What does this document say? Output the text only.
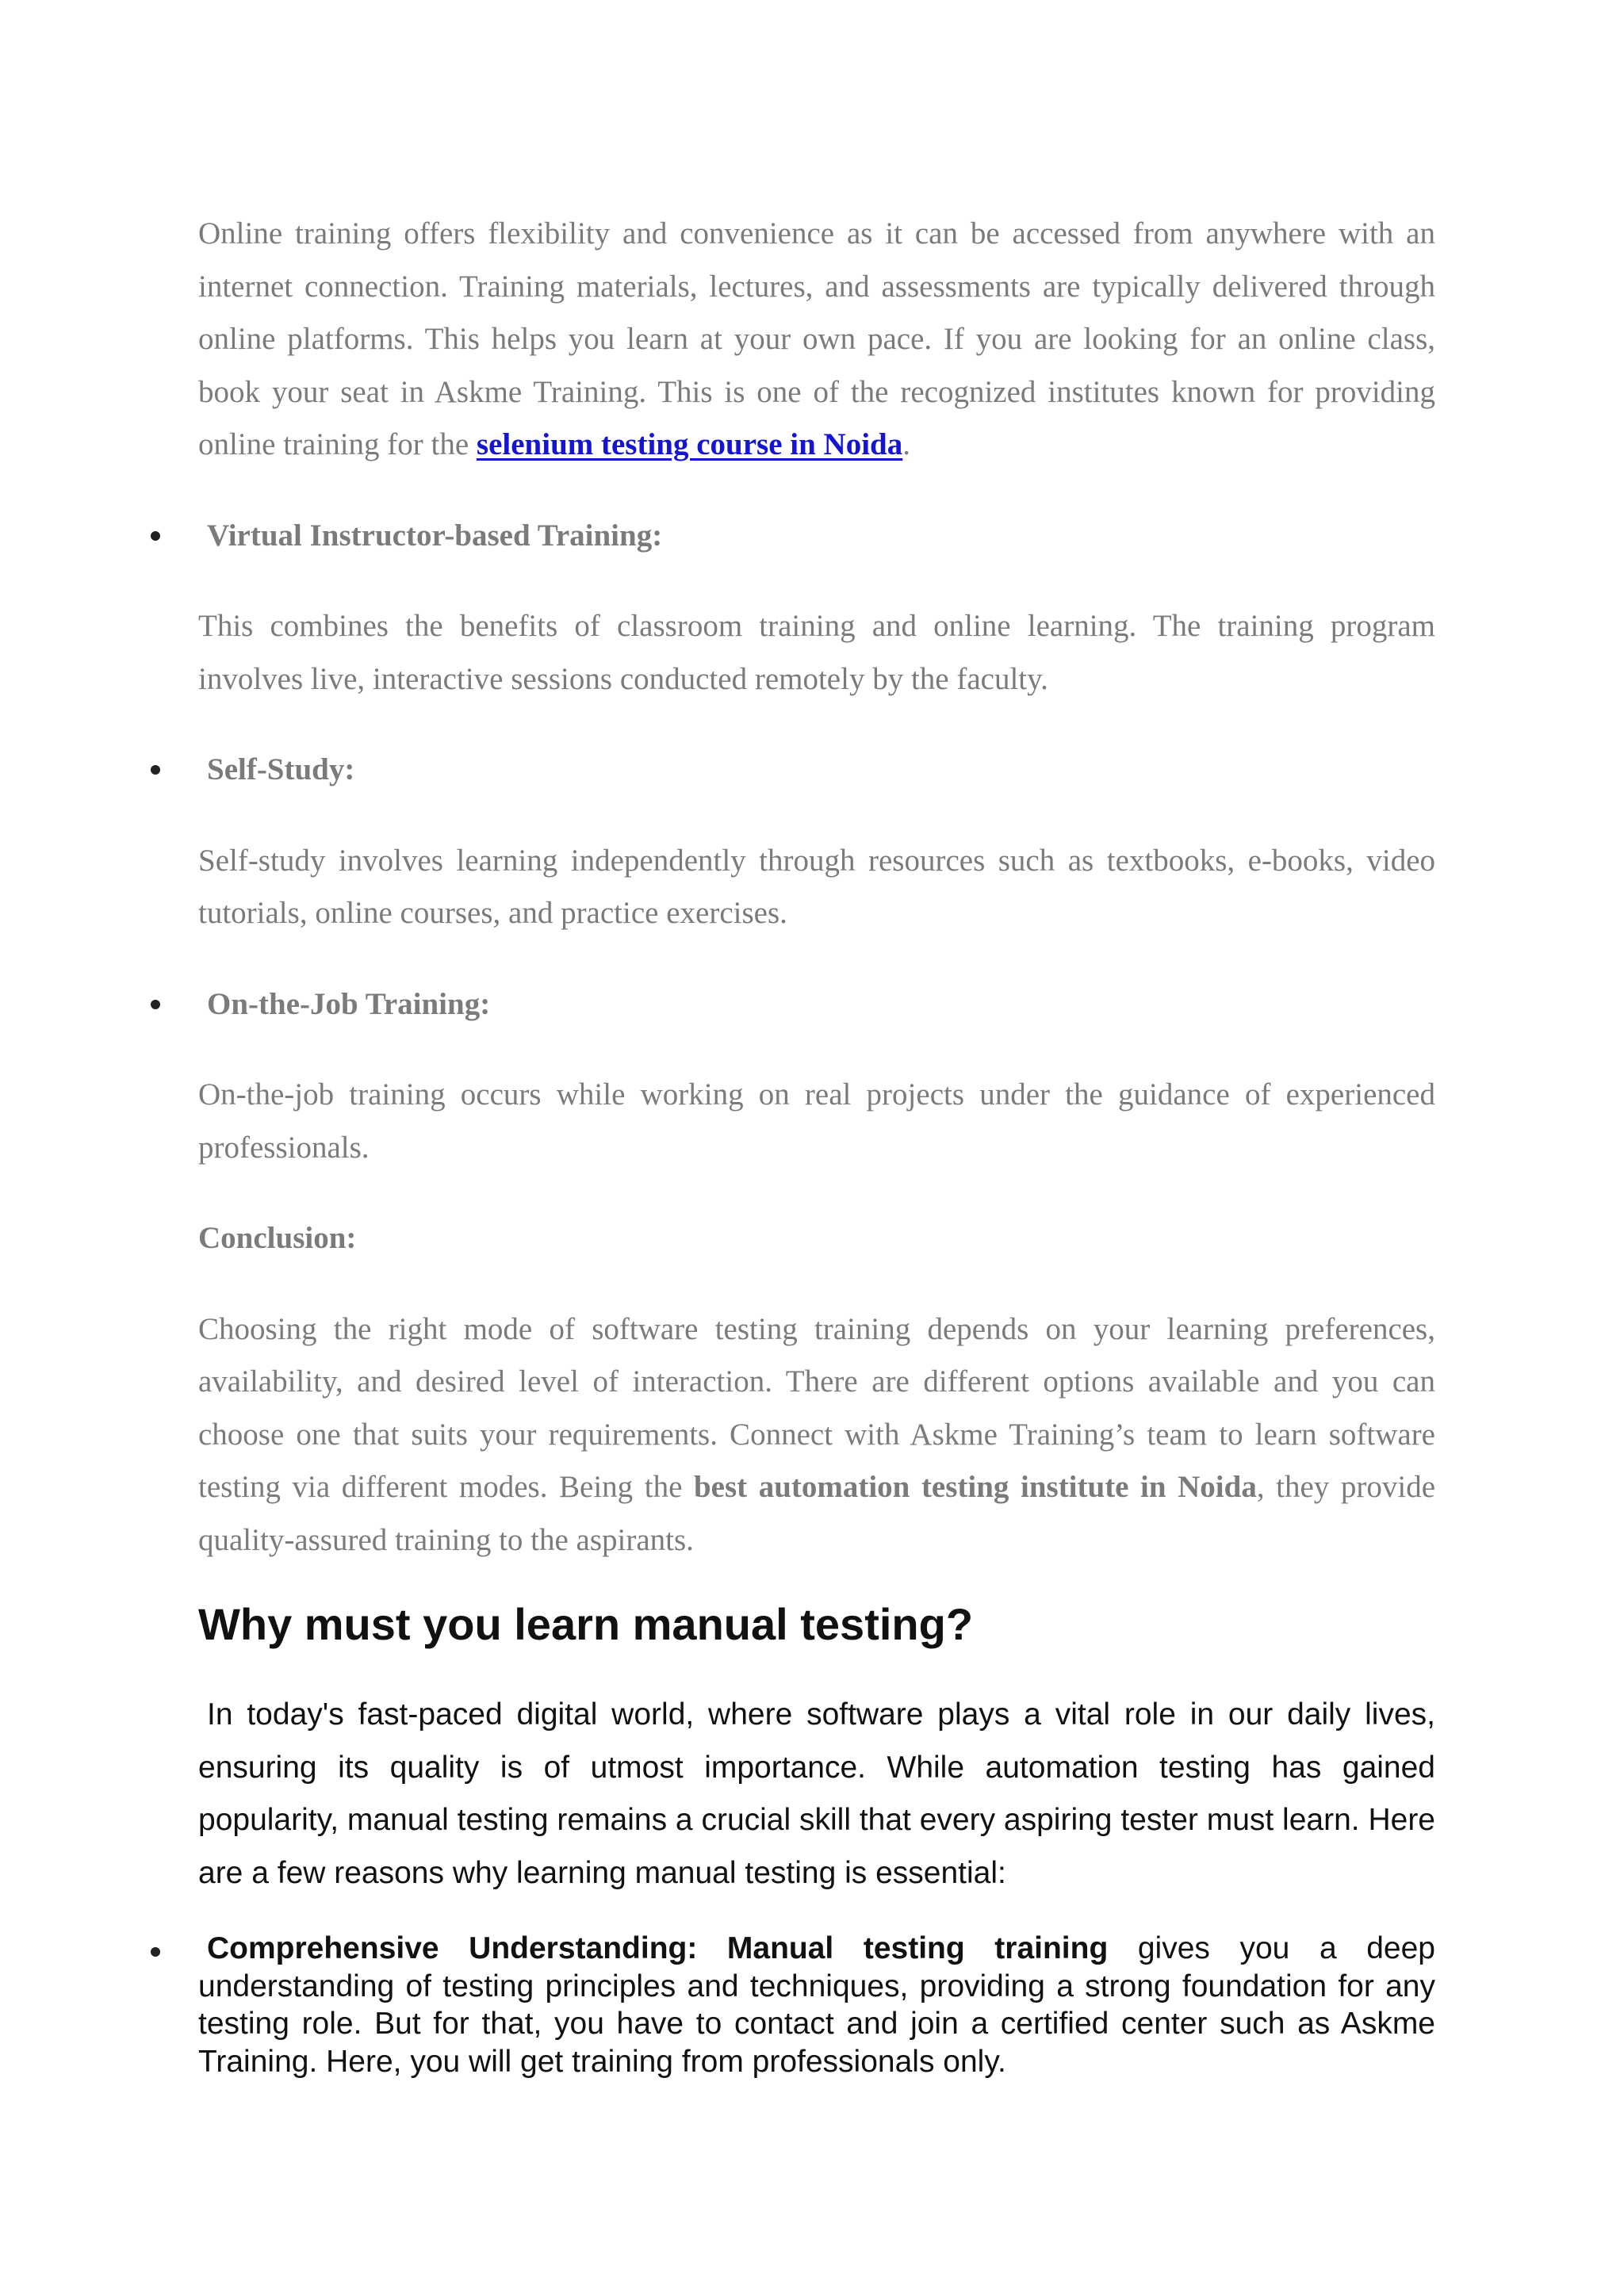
Online training offers flexibility and convenience as it can be accessed from anywhere with an internet connection. Training materials, lectures, and assessments are typically delivered through online platforms. This helps you learn at your own pace. If you are looking for an online class, book your seat in Askme Training. This is one of the recognized institutes known for providing online training for the selenium testing course in Noida.

Virtual Instructor-based Training:

This combines the benefits of classroom training and online learning. The training program involves live, interactive sessions conducted remotely by the faculty.

Self-Study:

Self-study involves learning independently through resources such as textbooks, e-books, video tutorials, online courses, and practice exercises.

On-the-Job Training:

On-the-job training occurs while working on real projects under the guidance of experienced professionals.

Conclusion:

Choosing the right mode of software testing training depends on your learning preferences, availability, and desired level of interaction. There are different options available and you can choose one that suits your requirements. Connect with Askme Training’s team to learn software testing via different modes. Being the best automation testing institute in Noida, they provide quality-assured training to the aspirants.

Why must you learn manual testing?

In today's fast-paced digital world, where software plays a vital role in our daily lives, ensuring its quality is of utmost importance. While automation testing has gained popularity, manual testing remains a crucial skill that every aspiring tester must learn. Here are a few reasons why learning manual testing is essential:

Comprehensive Understanding: Manual testing training gives you a deep understanding of testing principles and techniques, providing a strong foundation for any testing role. But for that, you have to contact and join a certified center such as Askme Training. Here, you will get training from professionals only.
